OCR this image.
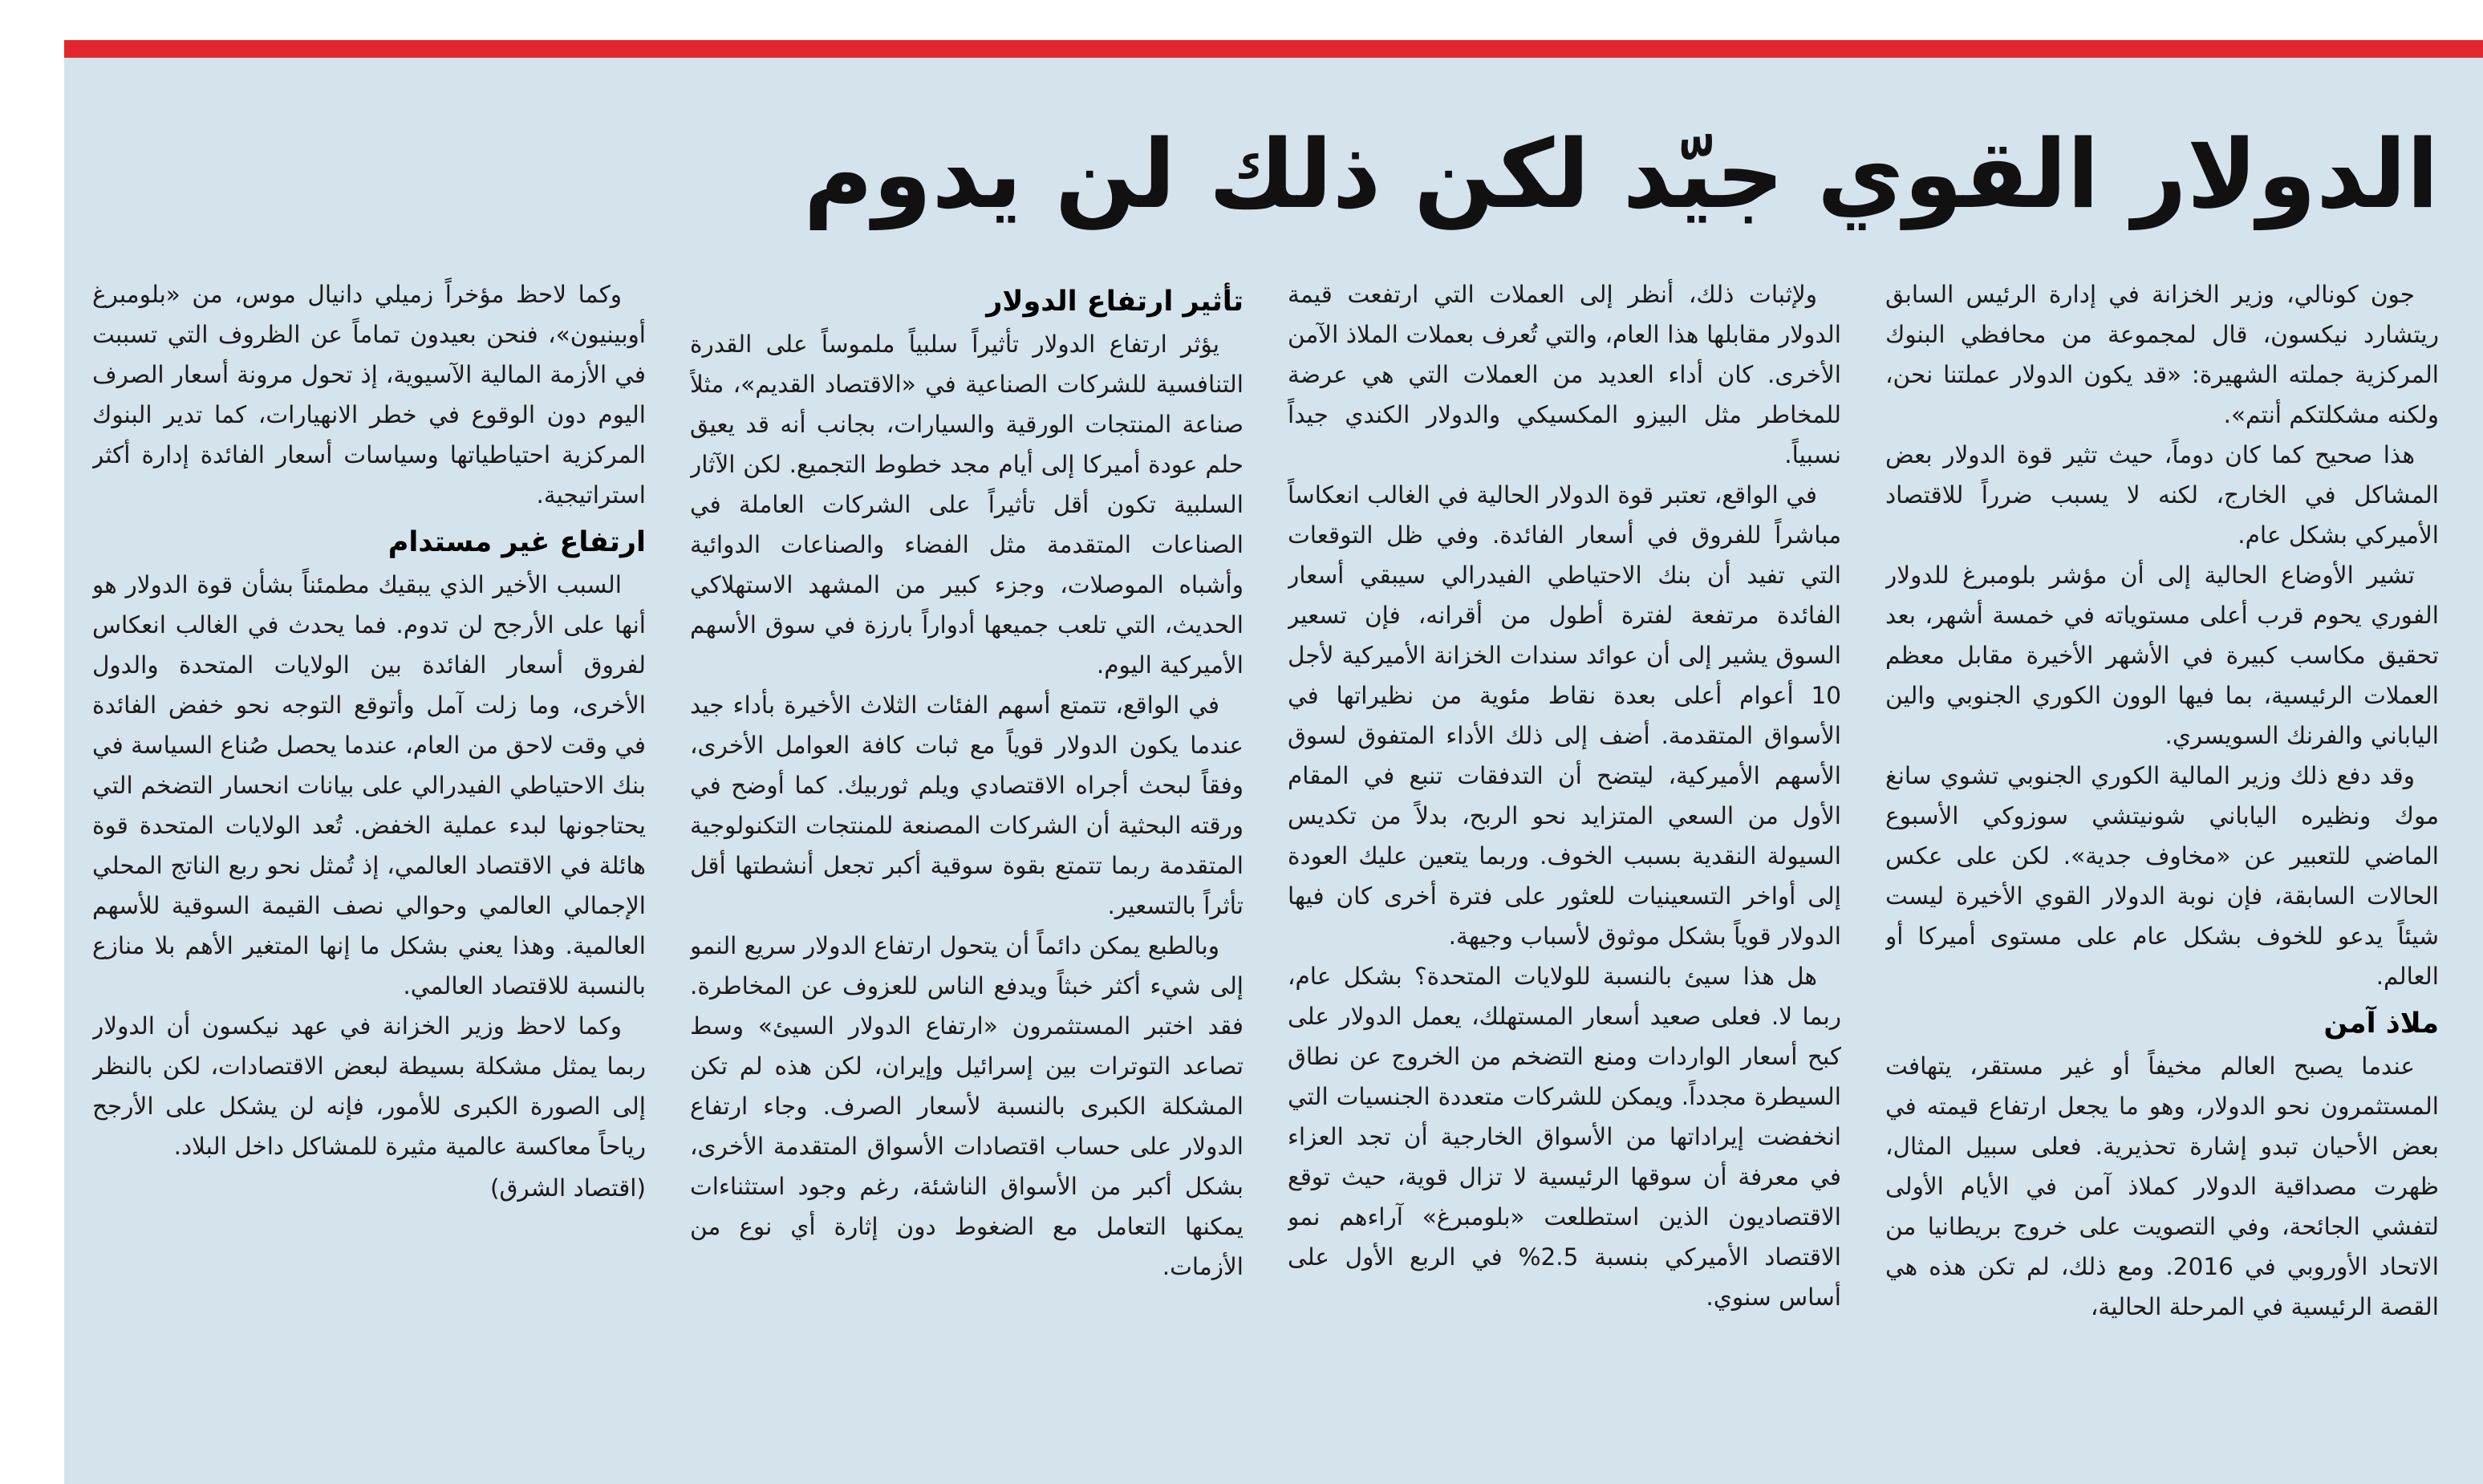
الدولار القوي جيّد لكن ذلك لن يدوم

جون كونالي، وزير الخزانة في إدارة الرئيس السابق ريتشارد نيكسون، قال لمجموعة من محافظي البنوك المركزية جملته الشهيرة: «قد يكون الدولار عملتنا نحن، ولكنه مشكلتكم أنتم».

هذا صحيح كما كان دوماً، حيث تثير قوة الدولار بعض المشاكل في الخارج، لكنه لا يسبب ضرراً للاقتصاد الأميركي بشكل عام.

تشير الأوضاع الحالية إلى أن مؤشر بلومبرغ للدولار الفوري يحوم قرب أعلى مستوياته في خمسة أشهر، بعد تحقيق مكاسب كبيرة في الأشهر الأخيرة مقابل معظم العملات الرئيسية، بما فيها الوون الكوري الجنوبي والين الياباني والفرنك السويسري.

وقد دفع ذلك وزير المالية الكوري الجنوبي تشوي سانغ موك ونظيره الياباني شونيتشي سوزوكي الأسبوع الماضي للتعبير عن «مخاوف جدية». لكن على عكس الحالات السابقة، فإن نوبة الدولار القوي الأخيرة ليست شيئاً يدعو للخوف بشكل عام على مستوى أميركا أو العالم.

ملاذ آمن

عندما يصبح العالم مخيفاً أو غير مستقر، يتهافت المستثمرون نحو الدولار، وهو ما يجعل ارتفاع قيمته في بعض الأحيان تبدو إشارة تحذيرية. فعلى سبيل المثال، ظهرت مصداقية الدولار كملاذ آمن في الأيام الأولى لتفشي الجائحة، وفي التصويت على خروج بريطانيا من الاتحاد الأوروبي في 2016. ومع ذلك، لم تكن هذه هي القصة الرئيسية في المرحلة الحالية،

ولإثبات ذلك، أنظر إلى العملات التي ارتفعت قيمة الدولار مقابلها هذا العام، والتي تُعرف بعملات الملاذ الآمن الأخرى. كان أداء العديد من العملات التي هي عرضة للمخاطر مثل البيزو المكسيكي والدولار الكندي جيداً نسبياً.

في الواقع، تعتبر قوة الدولار الحالية في الغالب انعكاساً مباشراً للفروق في أسعار الفائدة. وفي ظل التوقعات التي تفيد أن بنك الاحتياطي الفيدرالي سيبقي أسعار الفائدة مرتفعة لفترة أطول من أقرانه، فإن تسعير السوق يشير إلى أن عوائد سندات الخزانة الأميركية لأجل 10 أعوام أعلى بعدة نقاط مئوية من نظيراتها في الأسواق المتقدمة. أضف إلى ذلك الأداء المتفوق لسوق الأسهم الأميركية، ليتضح أن التدفقات تنبع في المقام الأول من السعي المتزايد نحو الربح، بدلاً من تكديس السيولة النقدية بسبب الخوف. وربما يتعين عليك العودة إلى أواخر التسعينيات للعثور على فترة أخرى كان فيها الدولار قوياً بشكل موثوق لأسباب وجيهة.

هل هذا سيئ بالنسبة للولايات المتحدة؟ بشكل عام، ربما لا. فعلى صعيد أسعار المستهلك، يعمل الدولار على كبح أسعار الواردات ومنع التضخم من الخروج عن نطاق السيطرة مجدداً. ويمكن للشركات متعددة الجنسيات التي انخفضت إيراداتها من الأسواق الخارجية أن تجد العزاء في معرفة أن سوقها الرئيسية لا تزال قوية، حيث توقع الاقتصاديون الذين استطلعت «بلومبرغ» آراءهم نمو الاقتصاد الأميركي بنسبة 2.5% في الربع الأول على أساس سنوي.

تأثير ارتفاع الدولار

يؤثر ارتفاع الدولار تأثيراً سلبياً ملموساً على القدرة التنافسية للشركات الصناعية في «الاقتصاد القديم»، مثلاً صناعة المنتجات الورقية والسيارات، بجانب أنه قد يعيق حلم عودة أميركا إلى أيام مجد خطوط التجميع. لكن الآثار السلبية تكون أقل تأثيراً على الشركات العاملة في الصناعات المتقدمة مثل الفضاء والصناعات الدوائية وأشباه الموصلات، وجزء كبير من المشهد الاستهلاكي الحديث، التي تلعب جميعها أدواراً بارزة في سوق الأسهم الأميركية اليوم.

في الواقع، تتمتع أسهم الفئات الثلاث الأخيرة بأداء جيد عندما يكون الدولار قوياً مع ثبات كافة العوامل الأخرى، وفقاً لبحث أجراه الاقتصادي ويلم ثوربيك. كما أوضح في ورقته البحثية أن الشركات المصنعة للمنتجات التكنولوجية المتقدمة ربما تتمتع بقوة سوقية أكبر تجعل أنشطتها أقل تأثراً بالتسعير.

وبالطبع يمكن دائماً أن يتحول ارتفاع الدولار سريع النمو إلى شيء أكثر خبثاً ويدفع الناس للعزوف عن المخاطرة. فقد اختبر المستثمرون «ارتفاع الدولار السيئ» وسط تصاعد التوترات بين إسرائيل وإيران، لكن هذه لم تكن المشكلة الكبرى بالنسبة لأسعار الصرف. وجاء ارتفاع الدولار على حساب اقتصادات الأسواق المتقدمة الأخرى، بشكل أكبر من الأسواق الناشئة، رغم وجود استثناءات يمكنها التعامل مع الضغوط دون إثارة أي نوع من الأزمات.

وكما لاحظ مؤخراً زميلي دانيال موس، من «بلومبرغ أوبينيون»، فنحن بعيدون تماماً عن الظروف التي تسببت في الأزمة المالية الآسيوية، إذ تحول مرونة أسعار الصرف اليوم دون الوقوع في خطر الانهيارات، كما تدير البنوك المركزية احتياطياتها وسياسات أسعار الفائدة إدارة أكثر استراتيجية.

ارتفاع غير مستدام

السبب الأخير الذي يبقيك مطمئناً بشأن قوة الدولار هو أنها على الأرجح لن تدوم. فما يحدث في الغالب انعكاس لفروق أسعار الفائدة بين الولايات المتحدة والدول الأخرى، وما زلت آمل وأتوقع التوجه نحو خفض الفائدة في وقت لاحق من العام، عندما يحصل صُناع السياسة في بنك الاحتياطي الفيدرالي على بيانات انحسار التضخم التي يحتاجونها لبدء عملية الخفض. تُعد الولايات المتحدة قوة هائلة في الاقتصاد العالمي، إذ تُمثل نحو ربع الناتج المحلي الإجمالي العالمي وحوالي نصف القيمة السوقية للأسهم العالمية. وهذا يعني بشكل ما إنها المتغير الأهم بلا منازع بالنسبة للاقتصاد العالمي.

وكما لاحظ وزير الخزانة في عهد نيكسون أن الدولار ربما يمثل مشكلة بسيطة لبعض الاقتصادات، لكن بالنظر إلى الصورة الكبرى للأمور، فإنه لن يشكل على الأرجح رياحاً معاكسة عالمية مثيرة للمشاكل داخل البلاد.

(اقتصاد الشرق)
